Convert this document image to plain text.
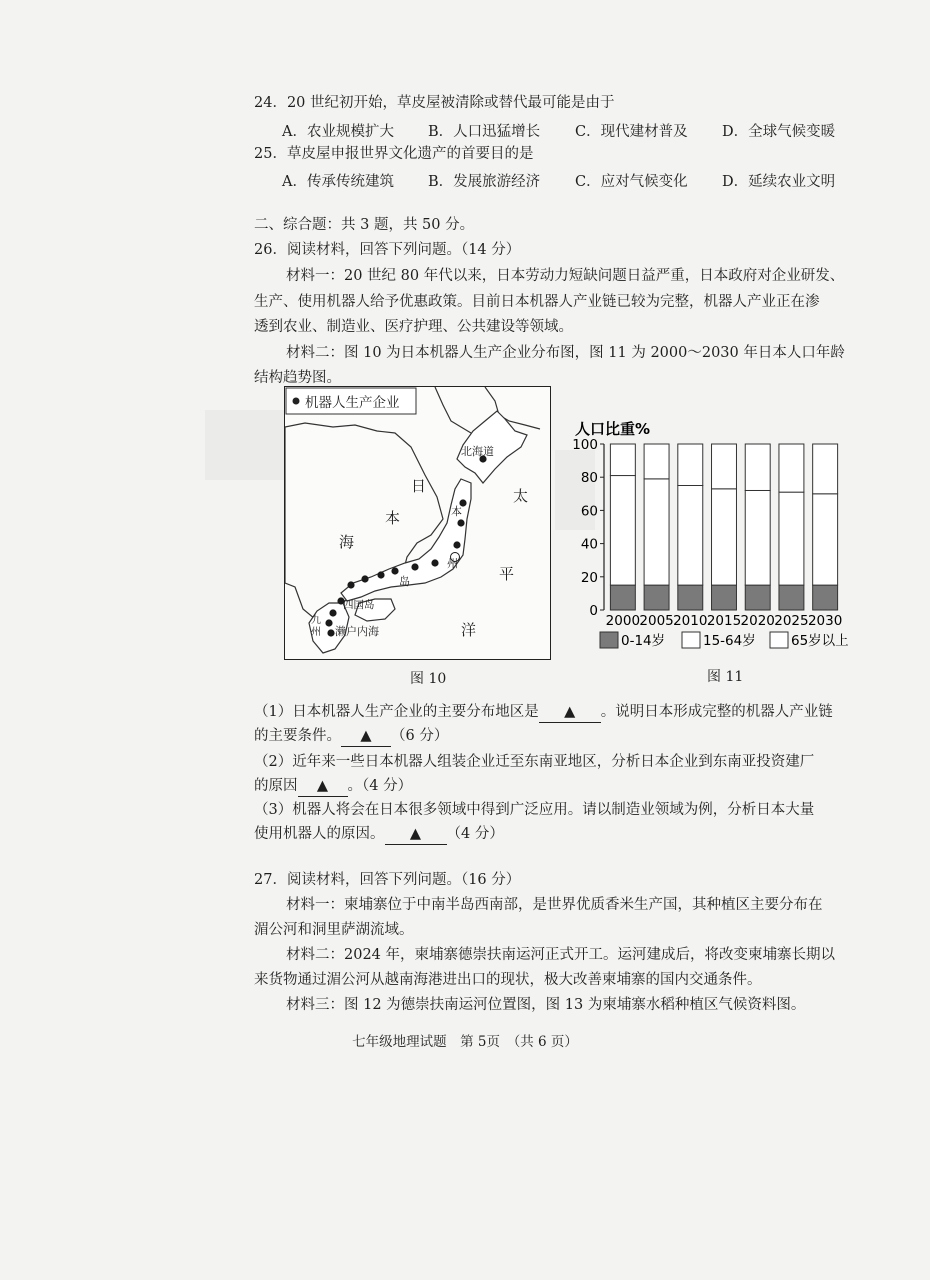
24．20 世纪初开始，草皮屋被清除或替代最可能是由于
A．农业规模扩大 B．人口迅猛增长 C．现代建材普及 D．全球气候变暖
25．草皮屋申报世界文化遗产的首要目的是
A．传承传统建筑 B．发展旅游经济 C．应对气候变化 D．延续农业文明
二、综合题：共 3 题，共 50 分。
26．阅读材料，回答下列问题。（14 分）
材料一：20 世纪 80 年代以来，日本劳动力短缺问题日益严重，日本政府对企业研发、
生产、使用机器人给予优惠政策。目前日本机器人产业链已较为完整，机器人产业正在渗
透到农业、制造业、医疗护理、公共建设等领域。
材料二：图 10 为日本机器人生产企业分布图，图 11 为 2000～2030 年日本人口年龄
结构趋势图。
机器人生产企业
日
本
海
太
平
洋
北海道
本
州
岛
四国岛
九州 濑户内海
图 10
人口比重%
0
20
40
60
80
100
2000 2005 2010 2015 2020 2025 2030
0-14岁	15-64岁	65岁以上
图 11
（1）日本机器人生产企业的主要分布地区是 ▲ 。说明日本形成完整的机器人产业链
的主要条件。 ▲ （6 分）
（2）近年来一些日本机器人组装企业迁至东南亚地区，分析日本企业到东南亚投资建厂
的原因 ▲ 。（4 分）
（3）机器人将会在日本很多领域中得到广泛应用。请以制造业领域为例，分析日本大量
使用机器人的原因。 ▲ （4 分）
27．阅读材料，回答下列问题。（16 分）
材料一：柬埔寨位于中南半岛西南部，是世界优质香米生产国，其种植区主要分布在
湄公河和洞里萨湖流域。
材料二：2024 年，柬埔寨德崇扶南运河正式开工。运河建成后，将改变柬埔寨长期以
来货物通过湄公河从越南海港进出口的现状，极大改善柬埔寨的国内交通条件。
材料三：图 12 为德崇扶南运河位置图，图 13 为柬埔寨水稻种植区气候资料图。
七年级地理试题　第 5页　（共 6 页）
